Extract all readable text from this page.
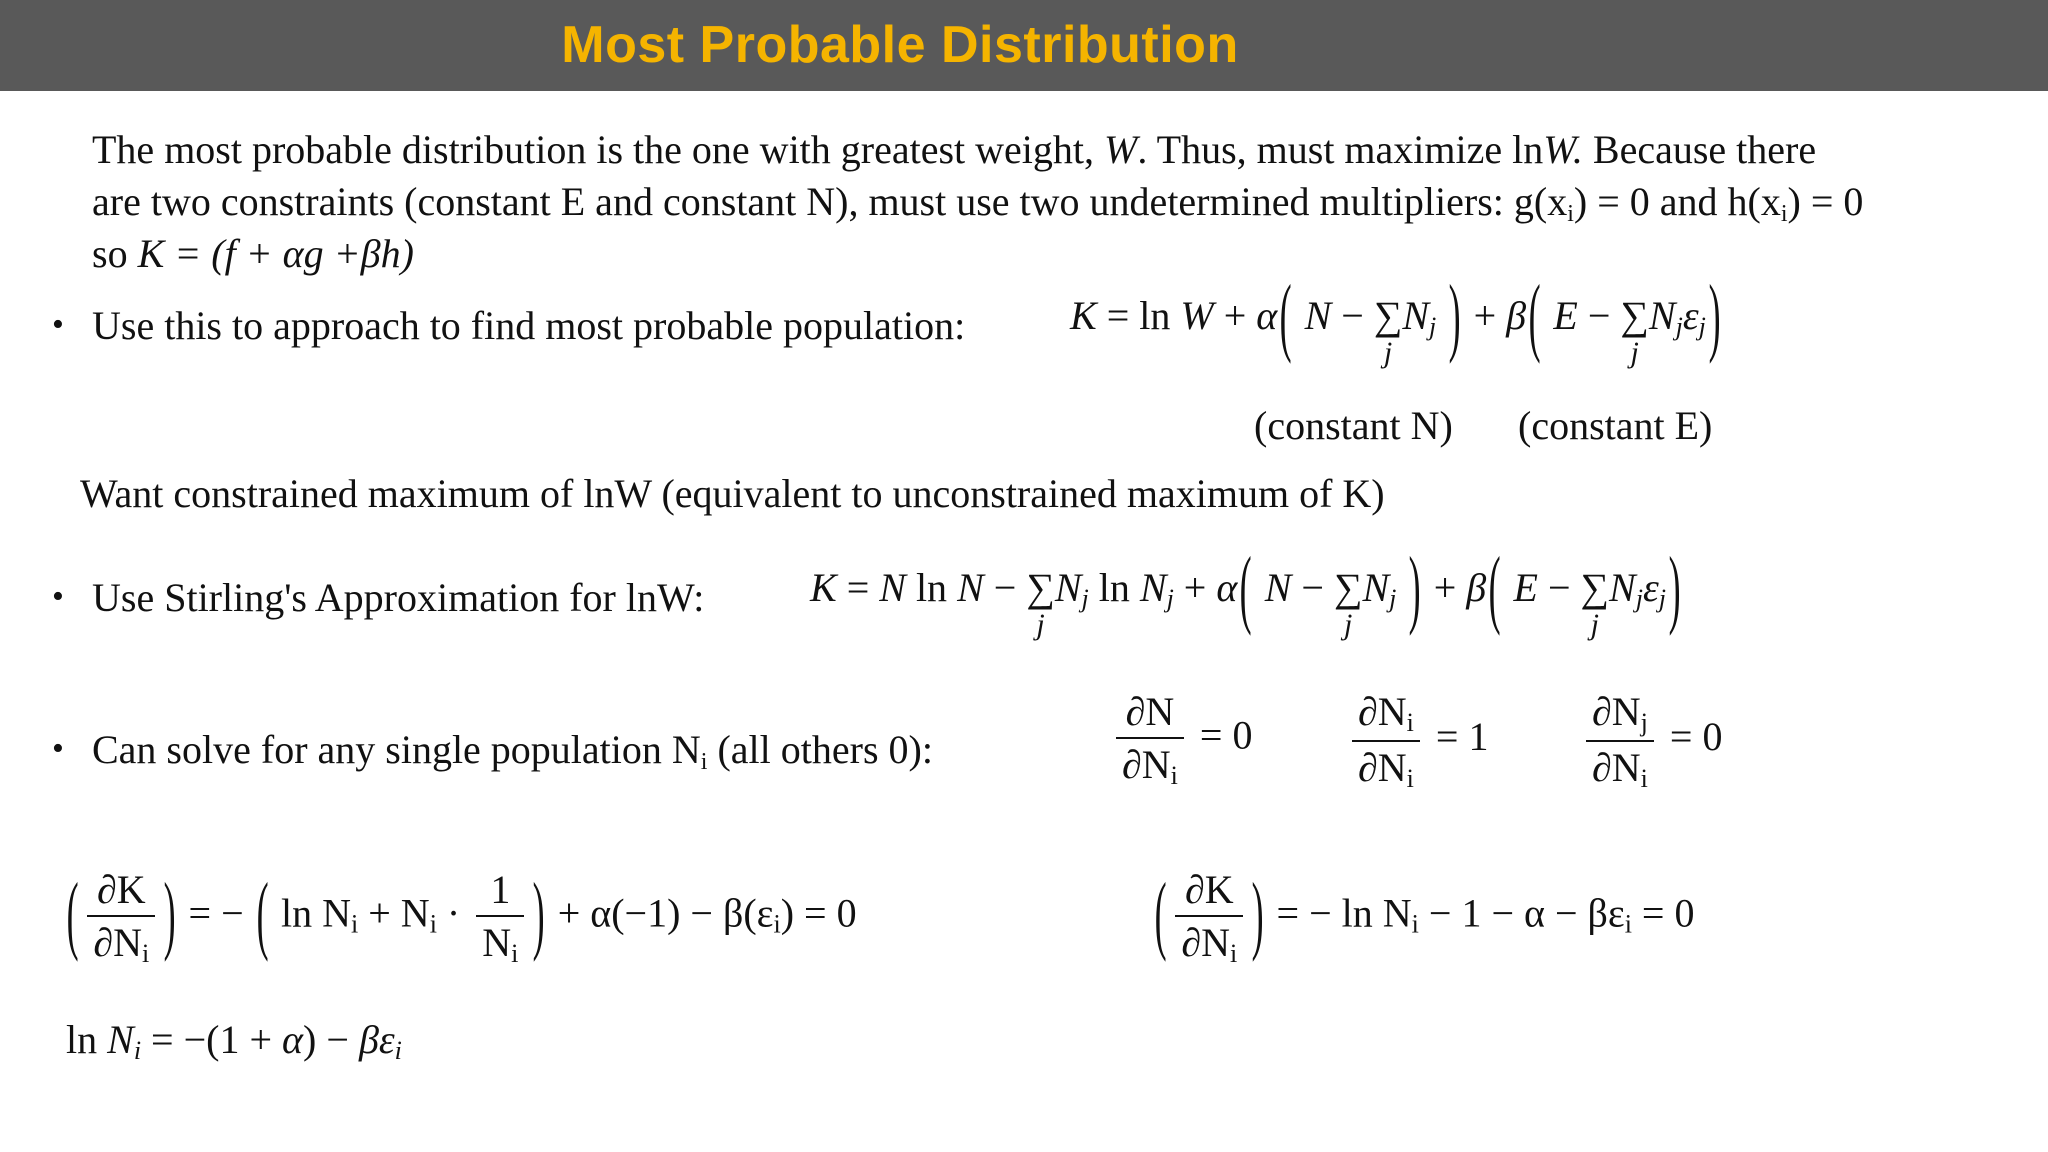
Most Probable Distribution
The most probable distribution is the one with greatest weight, W. Thus, must maximize lnW. Because there
are two constraints (constant E and constant N), must use two undetermined multipliers: $g(x_i) = 0$ and $h(x_i) = 0$
so K = (f + αg +βh)
• Use this to approach to find most probable population:	K = ln W + α( N − ∑
j
$N_j$ ) + β( E − ∑
j
$N_j\varepsilon_j$)
(constant N) (constant E)
Want constrained maximum of lnW (equivalent to unconstrained maximum of K)
• Use Stirling's Approximation for lnW:	K = N ln N − ∑
j
$N_j$ $\ln N_j + \alpha$( N − ∑
j
$N_j$ ) + β( E − ∑
j
$N_j\varepsilon_j$)
• Can solve for any single population $N_i$ (all others 0):	$\frac{\partial N}{\partial N_i} = 0 \frac{\partial N_i}{\partial N_i} = 1 \frac{\partial N_j}{\partial N_i} = 0$
( $\frac{\partial K}{\partial N_i}$ ) = − ( $\ln N_i + N_i \cdot \frac{1}{N_i}$ ) + $\alpha(-1) - \beta(\varepsilon_i) = 0$	( $\frac{\partial K}{\partial N_i}$ ) = − $\ln N_i - 1 - \alpha - \beta\varepsilon_i = 0$
$\ln N_i = -(1 + \alpha) - \beta\varepsilon_i$
